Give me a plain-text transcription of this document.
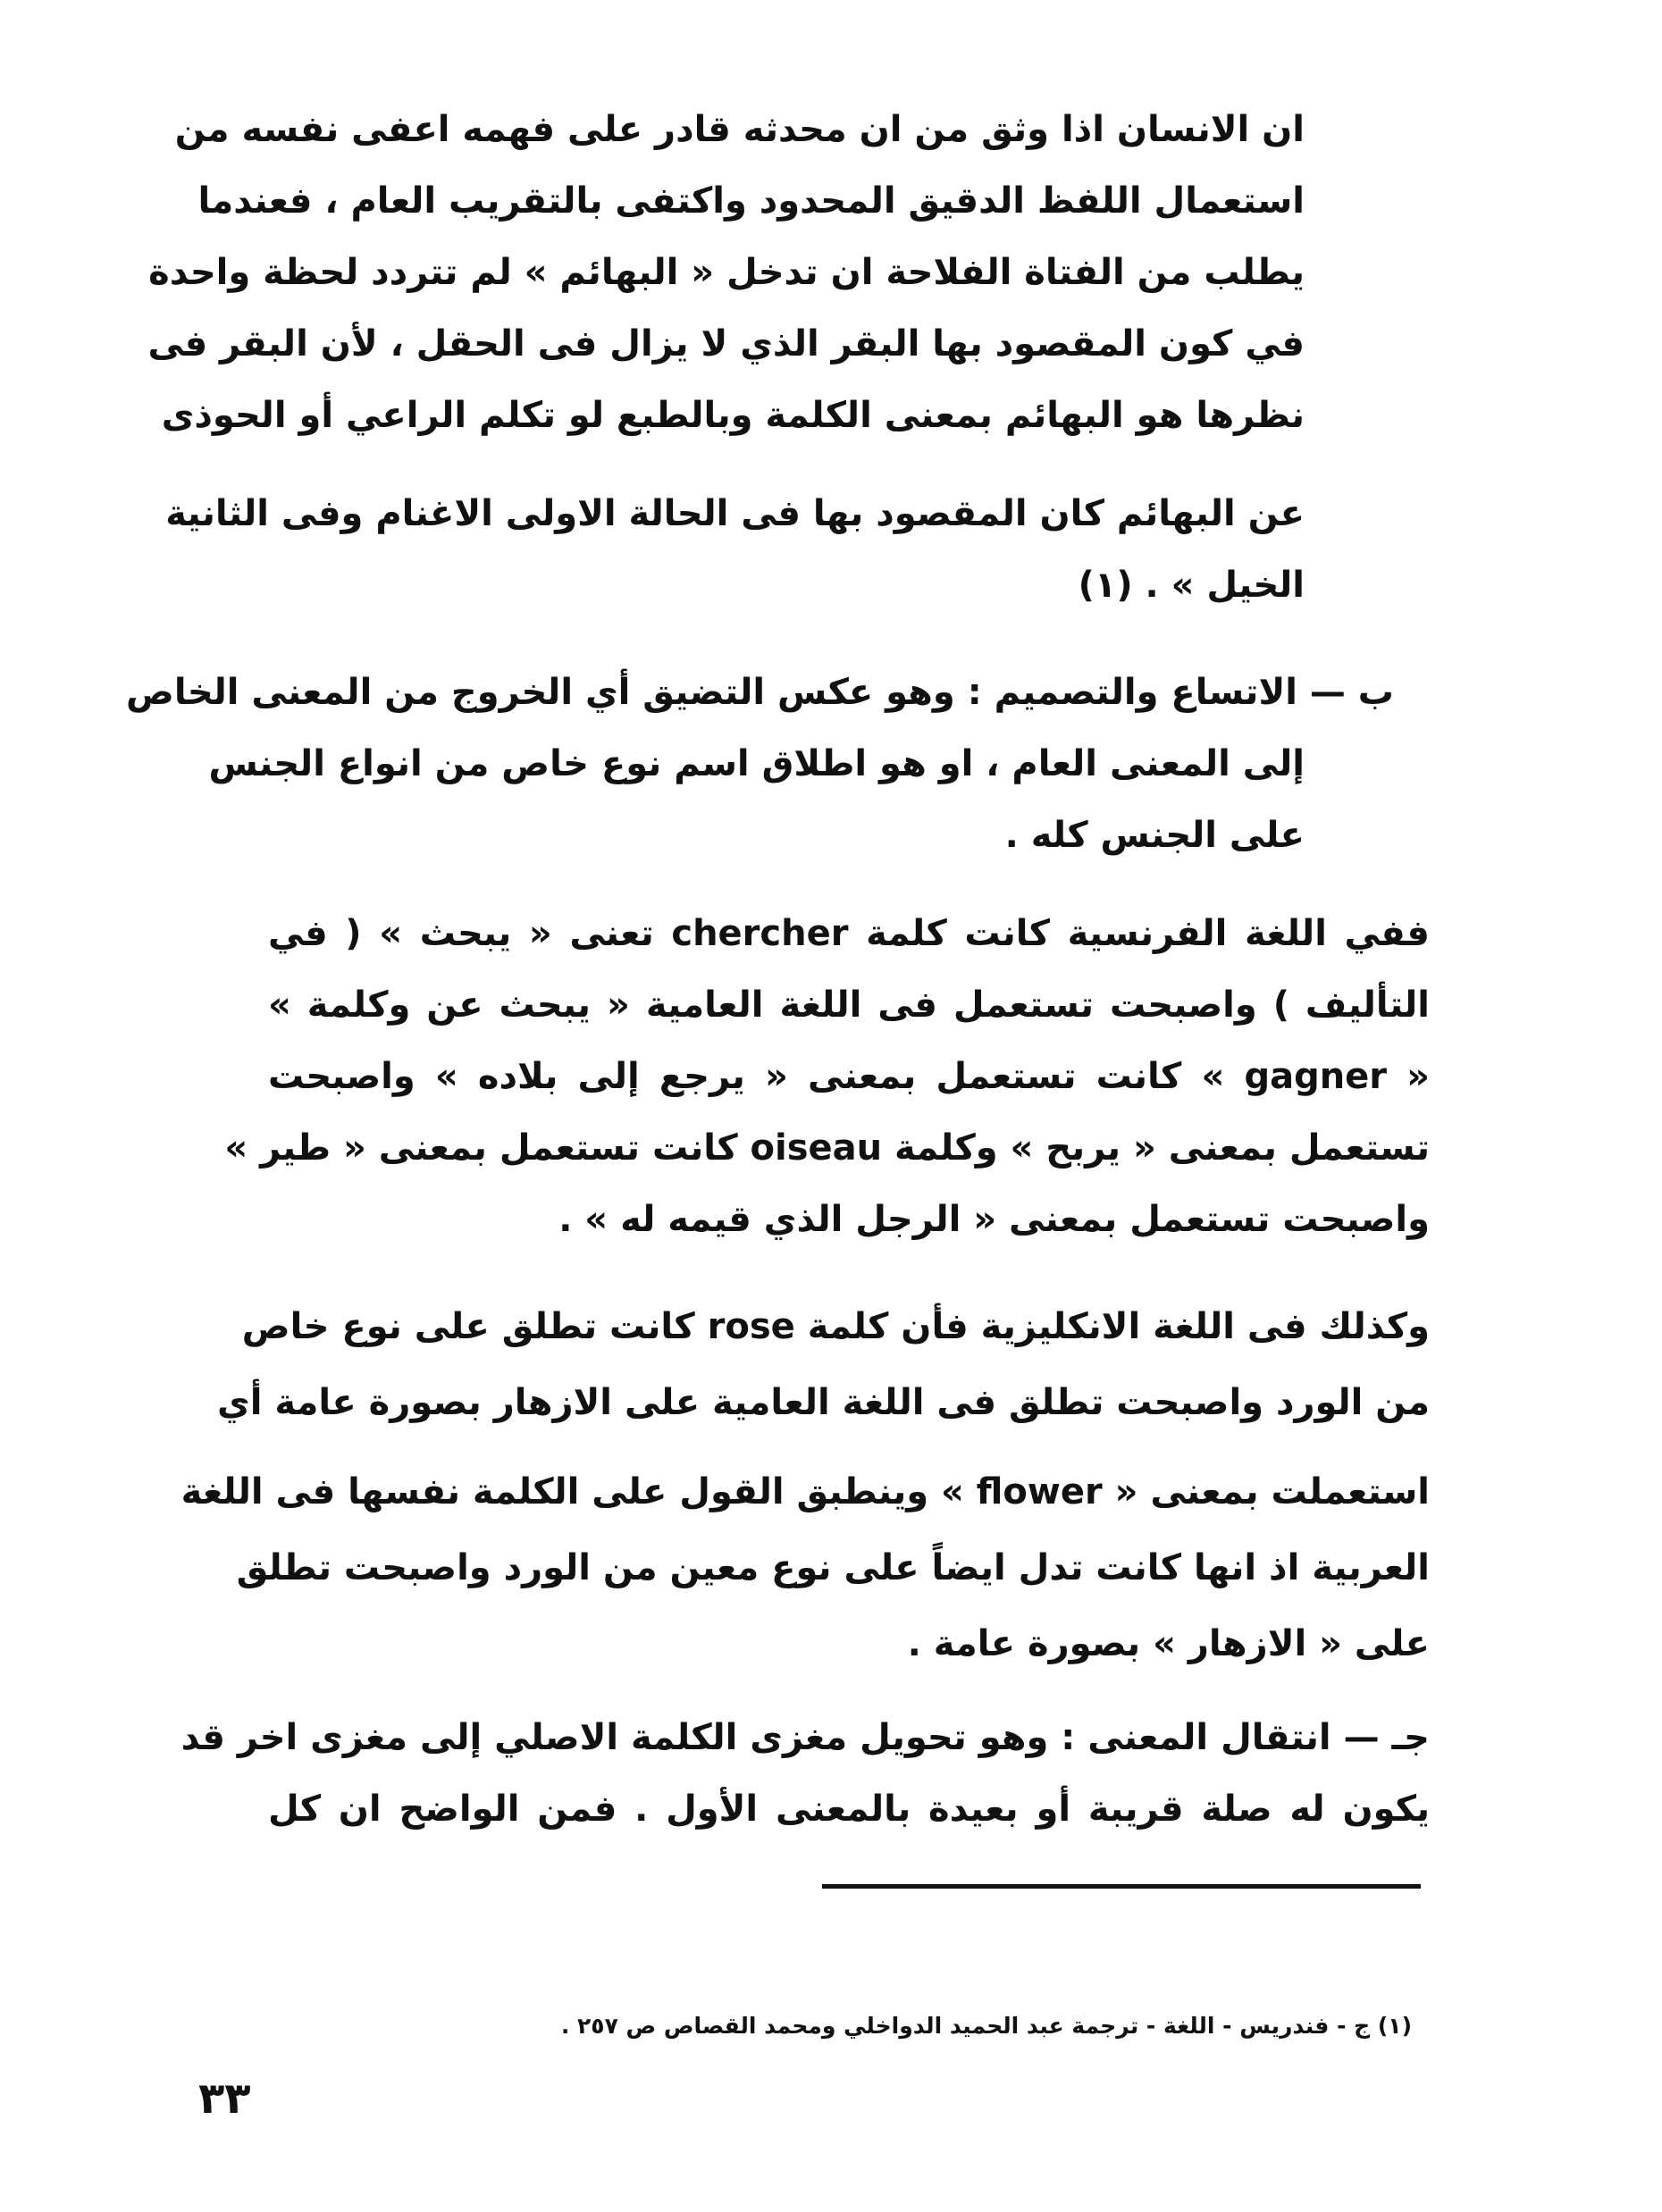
ان الانسان اذا وثق من ان محدثه قادر على فهمه اعفى نفسه من
استعمال اللفظ الدقيق المحدود واكتفى بالتقريب العام ، فعندما
يطلب من الفتاة الفلاحة ان تدخل « البهائم » لم تتردد لحظة واحدة
في كون المقصود بها البقر الذي لا يزال فى الحقل ، لأن البقر فى
نظرها هو البهائم بمعنى الكلمة وبالطبع لو تكلم الراعي أو الحوذى
عن البهائم كان المقصود بها فى الحالة الاولى الاغنام وفى الثانية
الخيل » . (١)
ب — الاتساع والتصميم : وهو عكس التضيق أي الخروج من المعنى الخاص
إلى المعنى العام ، او هو اطلاق اسم نوع خاص من انواع الجنس
على الجنس كله .
ففي اللغة الفرنسية كانت كلمة chercher تعنى « يبحث » ( في
التأليف ) واصبحت تستعمل فى اللغة العامية « يبحث عن وكلمة »
« gagner » كانت تستعمل بمعنى « يرجع إلى بلاده » واصبحت
تستعمل بمعنى « يربح » وكلمة oiseau كانت تستعمل بمعنى « طير »
واصبحت تستعمل بمعنى « الرجل الذي قيمه له » .
وكذلك فى اللغة الانكليزية فأن كلمة rose كانت تطلق على نوع خاص
من الورد واصبحت تطلق فى اللغة العامية على الازهار بصورة عامة أي
استعملت بمعنى « flower » وينطبق القول على الكلمة نفسها فى اللغة
العربية اذ انها كانت تدل ايضاً على نوع معين من الورد واصبحت تطلق
على « الازهار » بصورة عامة .
جـ — انتقال المعنى : وهو تحويل مغزى الكلمة الاصلي إلى مغزى اخر قد
يكون له صلة قريبة أو بعيدة بالمعنى الأول . فمن الواضح ان كل
(١) ج - فندريس - اللغة - ترجمة عبد الحميد الدواخلي ومحمد القصاص ص ٢٥٧ .
٣٣
